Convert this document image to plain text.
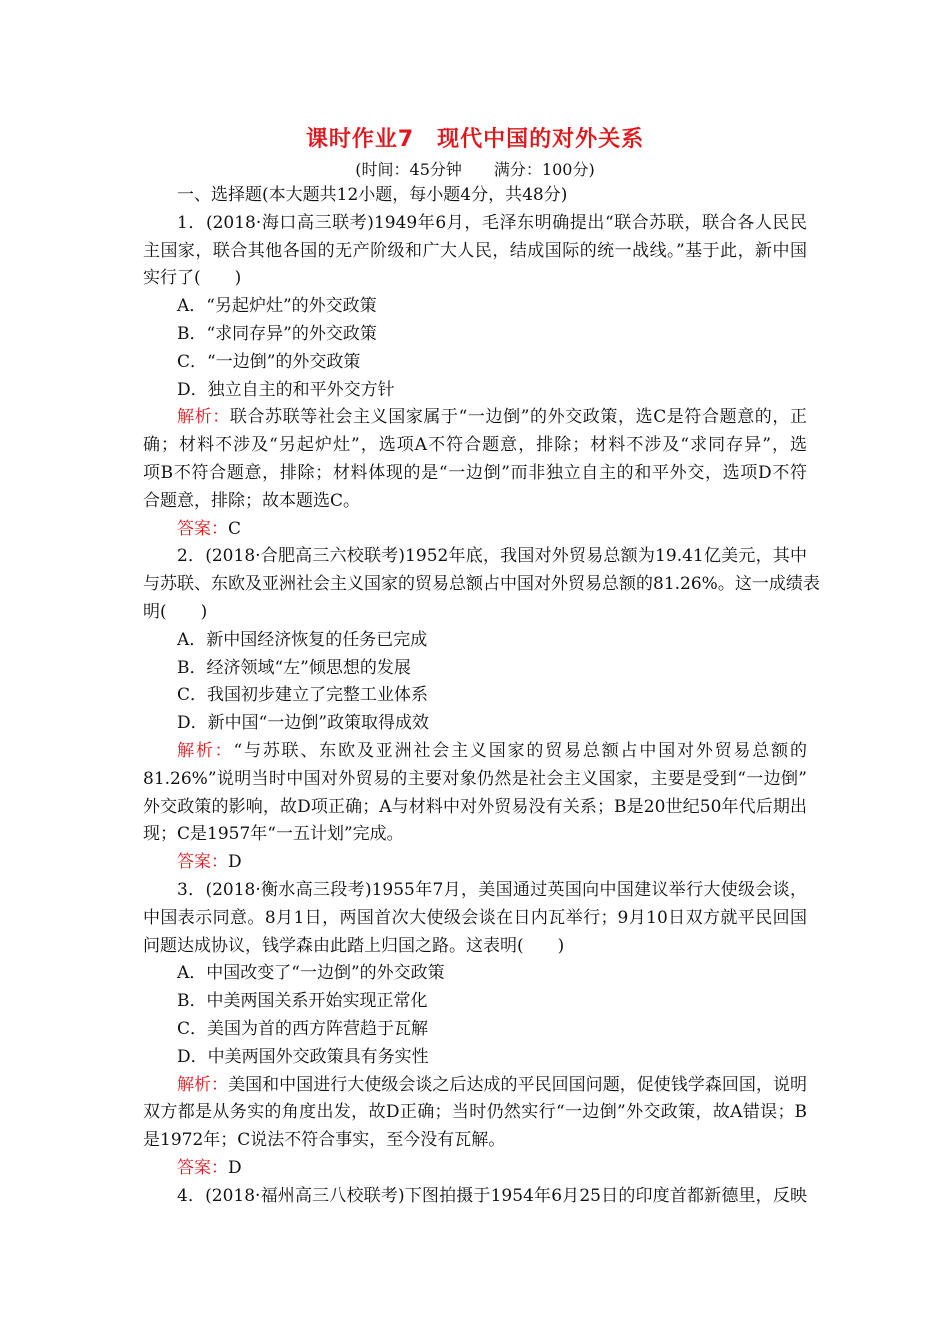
课时作业7　现代中国的对外关系
(时间：45分钟　　满分：100分)
一、选择题(本大题共12小题，每小题4分，共48分)
1．(2018·海口高三联考)1949年6月，毛泽东明确提出“联合苏联，联合各人民民
主国家，联合其他各国的无产阶级和广大人民，结成国际的统一战线。”基于此，新中国
实行了(　　)
A．“另起炉灶”的外交政策
B．“求同存异”的外交政策
C．“一边倒”的外交政策
D．独立自主的和平外交方针
解析：联合苏联等社会主义国家属于“一边倒”的外交政策，选C是符合题意的，正
确；材料不涉及“另起炉灶”，选项A不符合题意，排除；材料不涉及“求同存异”，选
项B不符合题意，排除；材料体现的是“一边倒”而非独立自主的和平外交，选项D不符
合题意，排除；故本题选C。
答案：C
2．(2018·合肥高三六校联考)1952年底，我国对外贸易总额为19.41亿美元，其中
与苏联、东欧及亚洲社会主义国家的贸易总额占中国对外贸易总额的81.26%。这一成绩表
明(　　)
A．新中国经济恢复的任务已完成
B．经济领域“左”倾思想的发展
C．我国初步建立了完整工业体系
D．新中国“一边倒”政策取得成效
解析：“与苏联、东欧及亚洲社会主义国家的贸易总额占中国对外贸易总额的
81.26%”说明当时中国对外贸易的主要对象仍然是社会主义国家，主要是受到“一边倒”
外交政策的影响，故D项正确；A与材料中对外贸易没有关系；B是20世纪50年代后期出
现；C是1957年“一五计划”完成。
答案：D
3．(2018·衡水高三段考)1955年7月，美国通过英国向中国建议举行大使级会谈，
中国表示同意。8月1日，两国首次大使级会谈在日内瓦举行；9月10日双方就平民回国
问题达成协议，钱学森由此踏上归国之路。这表明(　　)
A．中国改变了“一边倒”的外交政策
B．中美两国关系开始实现正常化
C．美国为首的西方阵营趋于瓦解
D．中美两国外交政策具有务实性
解析：美国和中国进行大使级会谈之后达成的平民回国问题，促使钱学森回国，说明
双方都是从务实的角度出发，故D正确；当时仍然实行“一边倒”外交政策，故A错误；B
是1972年；C说法不符合事实，至今没有瓦解。
答案：D
4．(2018·福州高三八校联考)下图拍摄于1954年6月25日的印度首都新德里，反映
